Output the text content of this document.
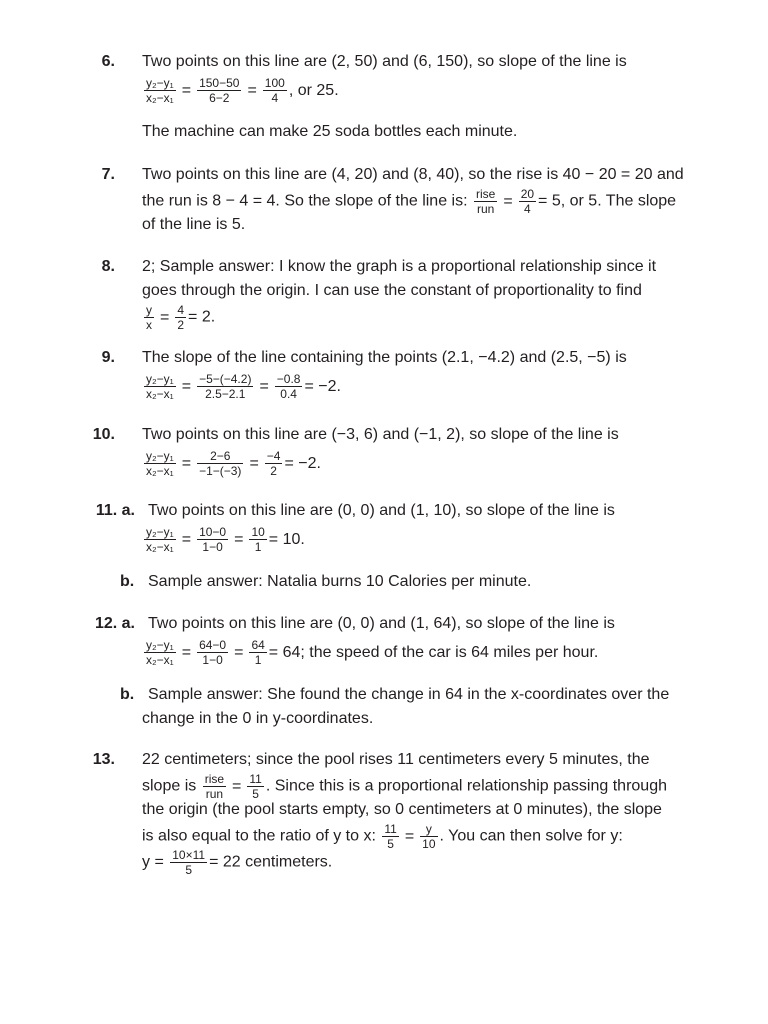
6. Two points on this line are (2, 50) and (6, 150), so slope of the line is
$\frac{\text{y₂−y₁}}{\text{x₂−x₁}} = \frac{150-50}{6-2} = \frac{100}{4}$ , or 25.
The machine can make 25 soda bottles each minute.
7. Two points on this line are (4, 20) and (8, 40), so the rise is 40 − 20 = 20 and
the run is 8 − 4 = 4. So the slope of the line is: $\frac{\text{rise}}{\text{run}} = \frac{20}{4} = 5$, or 5. The slope
of the line is 5.
8. 2; Sample answer: I know the graph is a proportional relationship since it
goes through the origin. I can use the constant of proportionality to find
$\frac{y}{x} = \frac{4}{2} = 2$.
9. The slope of the line containing the points (2.1, −4.2) and (2.5, −5) is
$\frac{\text{y₂−y₁}}{\text{x₂−x₁}} = \frac{-5-(-4.2)}{2.5-2.1} = \frac{-0.8}{0.4} = -2$.
10. Two points on this line are (−3, 6) and (−1, 2), so slope of the line is
$\frac{\text{y₂−y₁}}{\text{x₂−x₁}} = \frac{2-6}{-1-(-3)} = \frac{-4}{2} = -2$.
11. a. Two points on this line are (0, 0) and (1, 10), so slope of the line is
$\frac{\text{y₂−y₁}}{\text{x₂−x₁}} = \frac{10-0}{1-0} = \frac{10}{1} = 10$.
b. Sample answer: Natalia burns 10 Calories per minute.
12. a. Two points on this line are (0, 0) and (1, 64), so slope of the line is
$\frac{\text{y₂−y₁}}{\text{x₂−x₁}} = \frac{64-0}{1-0} = \frac{64}{1} = 64$; the speed of the car is 64 miles per hour.
b. Sample answer: She found the change in 64 in the x-coordinates over the
change in the 0 in y-coordinates.
13. 22 centimeters; since the pool rises 11 centimeters every 5 minutes, the
slope is $\frac{\text{rise}}{\text{run}} = \frac{11}{5}$ . Since this is a proportional relationship passing through
the origin (the pool starts empty, so 0 centimeters at 0 minutes), the slope
is also equal to the ratio of y to x: $\frac{11}{5} = \frac{y}{10}$ . You can then solve for y:
$y = \frac{10\times 11}{5} = 22$ centimeters.
